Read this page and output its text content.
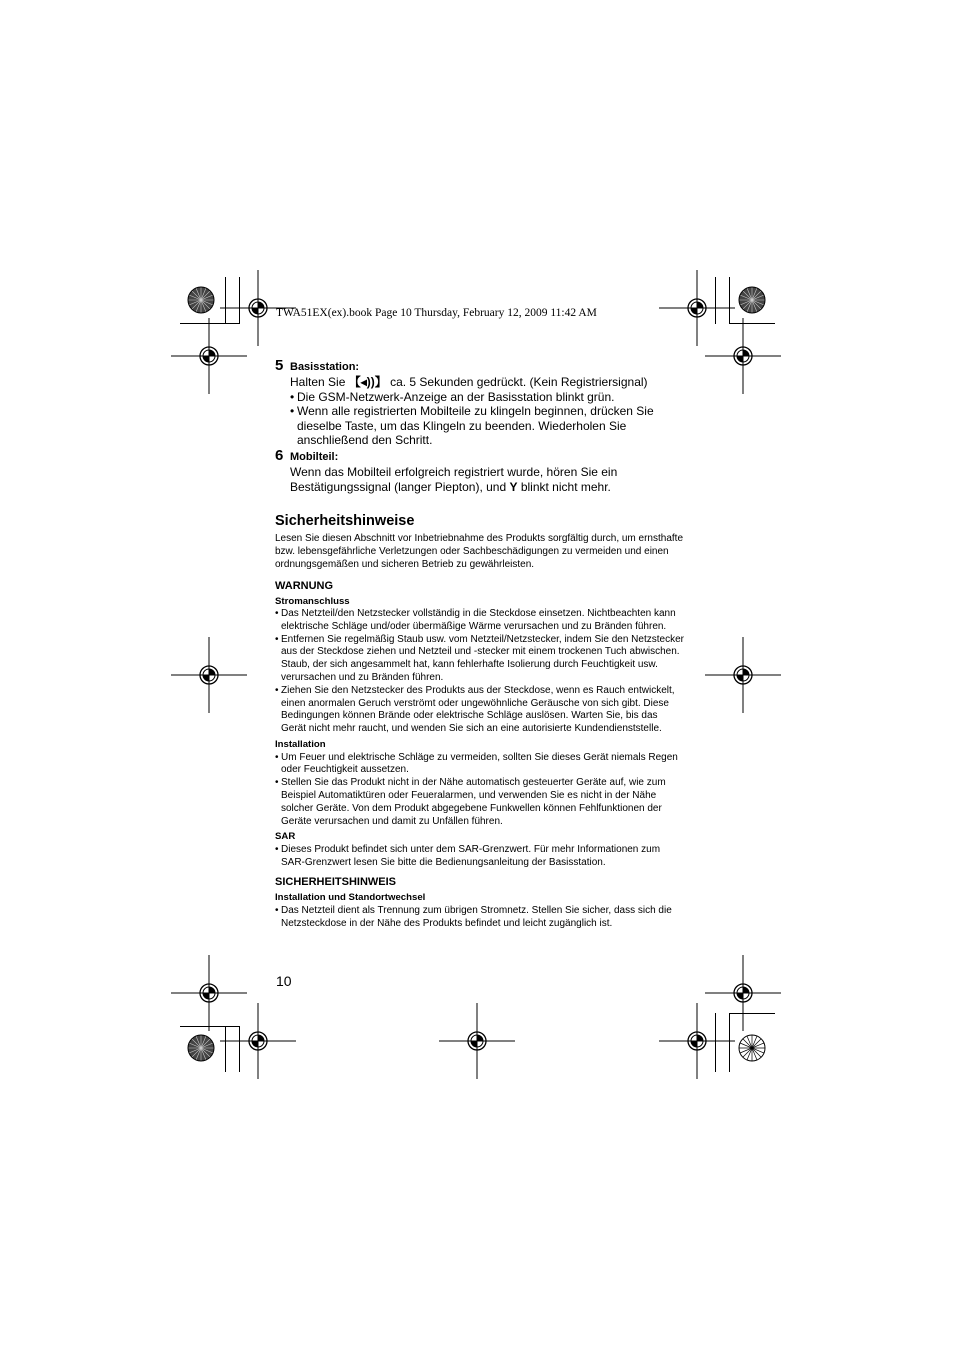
TWA51EX(ex).book Page 10 Thursday, February 12, 2009 11:42 AM
5 Basisstation:
Halten Sie 【◂))】 ca. 5 Sekunden gedrückt. (Kein Registriersignal)
• Die GSM-Netzwerk-Anzeige an der Basisstation blinkt grün.
• Wenn alle registrierten Mobilteile zu klingeln beginnen, drücken Sie dieselbe Taste, um das Klingeln zu beenden. Wiederholen Sie anschließend den Schritt.
6 Mobilteil:
Wenn das Mobilteil erfolgreich registriert wurde, hören Sie ein Bestätigungssignal (langer Piepton), und Y blinkt nicht mehr.
Sicherheitshinweise
Lesen Sie diesen Abschnitt vor Inbetriebnahme des Produkts sorgfältig durch, um ernsthafte bzw. lebensgefährliche Verletzungen oder Sachbeschädigungen zu vermeiden und einen ordnungsgemäßen und sicheren Betrieb zu gewährleisten.
WARNUNG
Stromanschluss
• Das Netzteil/den Netzstecker vollständig in die Steckdose einsetzen. Nichtbeachten kann elektrische Schläge und/oder übermäßige Wärme verursachen und zu Bränden führen.
• Entfernen Sie regelmäßig Staub usw. vom Netzteil/Netzstecker, indem Sie den Netzstecker aus der Steckdose ziehen und Netzteil und -stecker mit einem trockenen Tuch abwischen. Staub, der sich angesammelt hat, kann fehlerhafte Isolierung durch Feuchtigkeit usw. verursachen und zu Bränden führen.
• Ziehen Sie den Netzstecker des Produkts aus der Steckdose, wenn es Rauch entwickelt, einen anormalen Geruch verströmt oder ungewöhnliche Geräusche von sich gibt. Diese Bedingungen können Brände oder elektrische Schläge auslösen. Warten Sie, bis das Gerät nicht mehr raucht, und wenden Sie sich an eine autorisierte Kundendienststelle.
Installation
• Um Feuer und elektrische Schläge zu vermeiden, sollten Sie dieses Gerät niemals Regen oder Feuchtigkeit aussetzen.
• Stellen Sie das Produkt nicht in der Nähe automatisch gesteuerter Geräte auf, wie zum Beispiel Automatiktüren oder Feueralarmen, und verwenden Sie es nicht in der Nähe solcher Geräte. Von dem Produkt abgegebene Funkwellen können Fehlfunktionen der Geräte verursachen und damit zu Unfällen führen.
SAR
• Dieses Produkt befindet sich unter dem SAR-Grenzwert. Für mehr Informationen zum SAR-Grenzwert lesen Sie bitte die Bedienungsanleitung der Basisstation.
SICHERHEITSHINWEIS
Installation und Standortwechsel
• Das Netzteil dient als Trennung zum übrigen Stromnetz. Stellen Sie sicher, dass sich die Netzsteckdose in der Nähe des Produkts befindet und leicht zugänglich ist.
10
